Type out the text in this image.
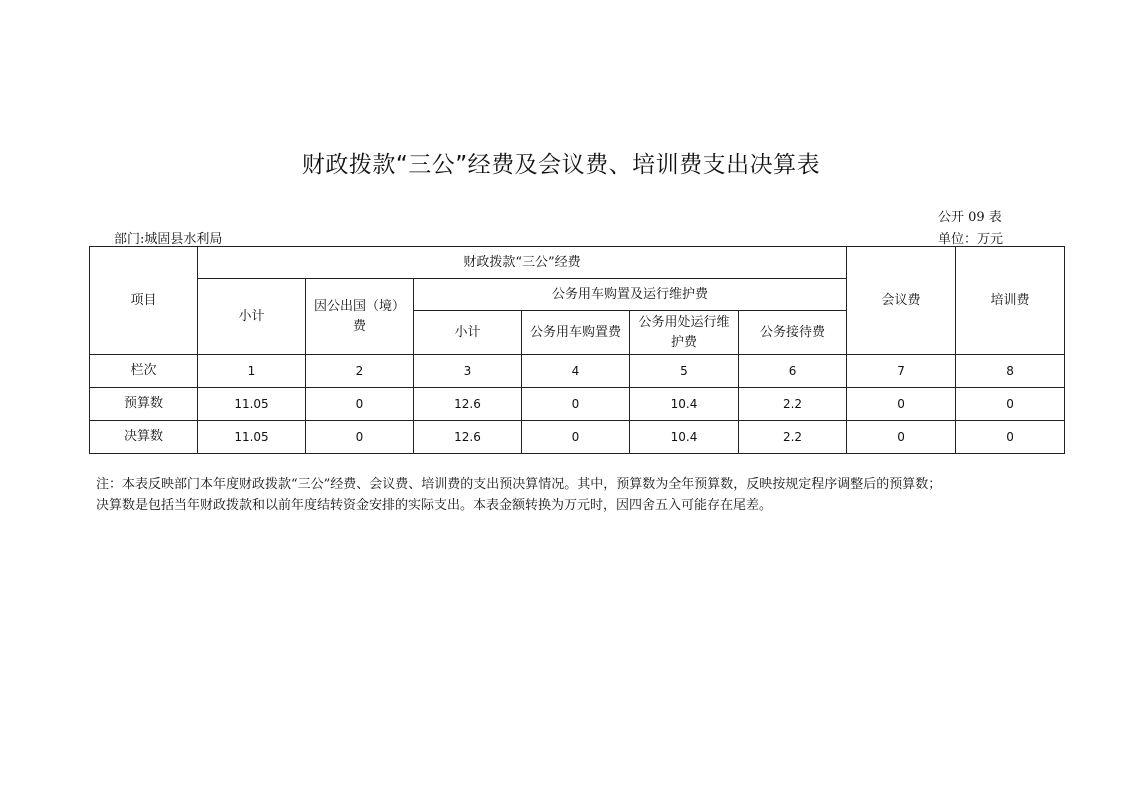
财政拨款“三公”经费及会议费、培训费支出决算表
公开 09 表
部门:城固县水利局	单位：万元
项目	财政拨款“三公”经费						会议费	培训费
	小计	因公出国（境）费	公务用车购置及运行维护费					
			小计	公务用车购置费	公务用处运行维护费	公务接待费		
栏次	1	2	3	4	5	6	7	8
预算数	11.05	0	12.6	0	10.4	2.2	0	0
决算数	11.05	0	12.6	0	10.4	2.2	0	0
注：本表反映部门本年度财政拨款“三公”经费、会议费、培训费的支出预决算情况。其中，预算数为全年预算数，反映按规定程序调整后的预算数；
决算数是包括当年财政拨款和以前年度结转资金安排的实际支出。本表金额转换为万元时，因四舍五入可能存在尾差。
